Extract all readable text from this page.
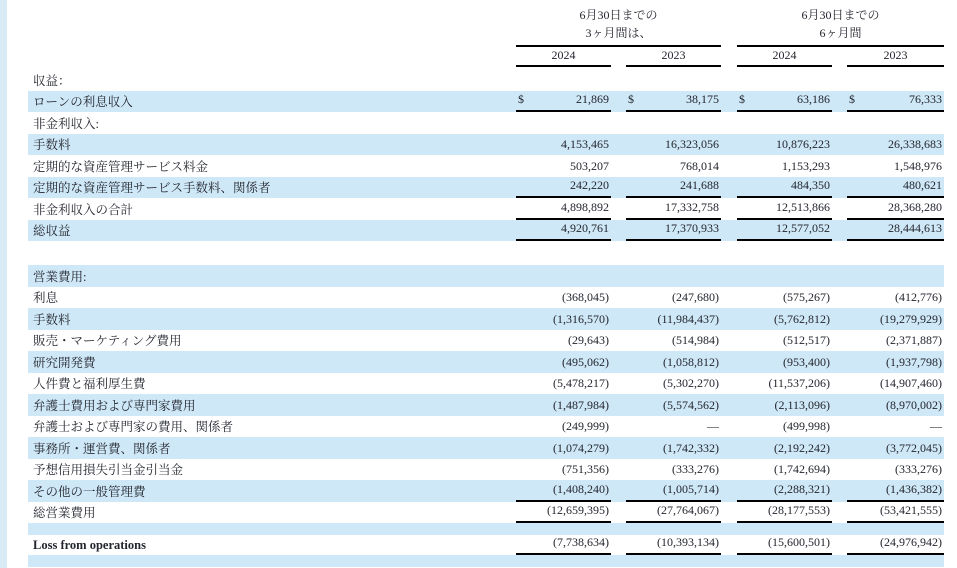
6月30日までの
3ヶ月間は、
6月30日までの
6ヶ月間
2024	2023	2024	2023
収益：
ローンの利息収入	$	21,869 $	38,175 $	63,186 $	76,333
非金利収入:
手数料	4,153,465	16,323,056	10,876,223	26,338,683
定期的な資産管理サービス料金	503,207	768,014	1,153,293	1,548,976
定期的な資産管理サービス手数料、関係者	242,220	241,688	484,350	480,621
非金利収入の合計	4,898,892	17,332,758	12,513,866	28,368,280
総収益	4,920,761	17,370,933	12,577,052	28,444,613
営業費用:
利息	(368,045)	(247,680)	(575,267)	(412,776)
手数料	(1,316,570)	(11,984,437)	(5,762,812)	(19,279,929)
販売・マーケティング費用	(29,643)	(514,984)	(512,517)	(2,371,887)
研究開発費	(495,062)	(1,058,812)	(953,400)	(1,937,798)
人件費と福利厚生費	(5,478,217)	(5,302,270)	(11,537,206)	(14,907,460)
弁護士費用および専門家費用	(1,487,984)	(5,574,562)	(2,113,096)	(8,970,002)
弁護士および専門家の費用、関係者	(249,999)	—	(499,998)	—
事務所・運営費、関係者	(1,074,279)	(1,742,332)	(2,192,242)	(3,772,045)
予想信用損失引当金引当金	(751,356)	(333,276)	(1,742,694)	(333,276)
その他の一般管理費	(1,408,240)	(1,005,714)	(2,288,321)	(1,436,382)
総営業費用	(12,659,395)	(27,764,067)	(28,177,553)	(53,421,555)
Loss from operations	(7,738,634)	(10,393,134)	(15,600,501)	(24,976,942)
